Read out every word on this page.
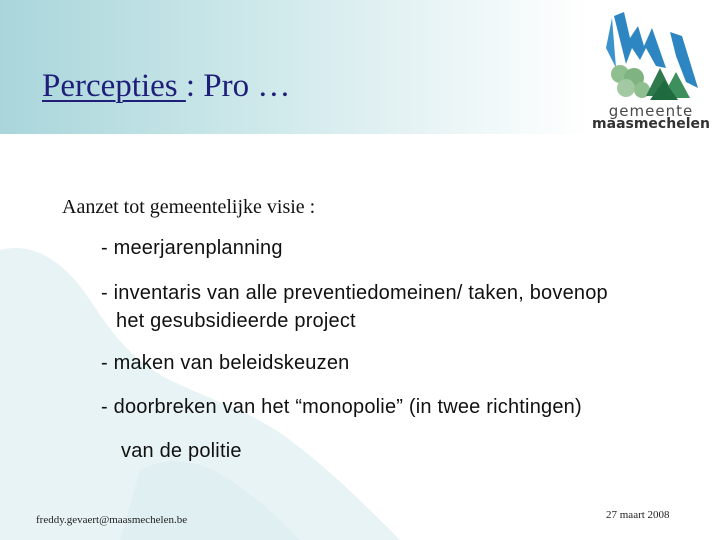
Percepties : Pro …
gemeente
maasmechelen
Aanzet tot gemeentelijke visie :
- meerjarenplanning
- inventaris van alle preventiedomeinen/ taken, bovenop
het gesubsidieerde project
- maken van beleidskeuzen
- doorbreken van het “monopolie” (in twee richtingen)
van de politie
freddy.gevaert@maasmechelen.be	27 maart 2008
